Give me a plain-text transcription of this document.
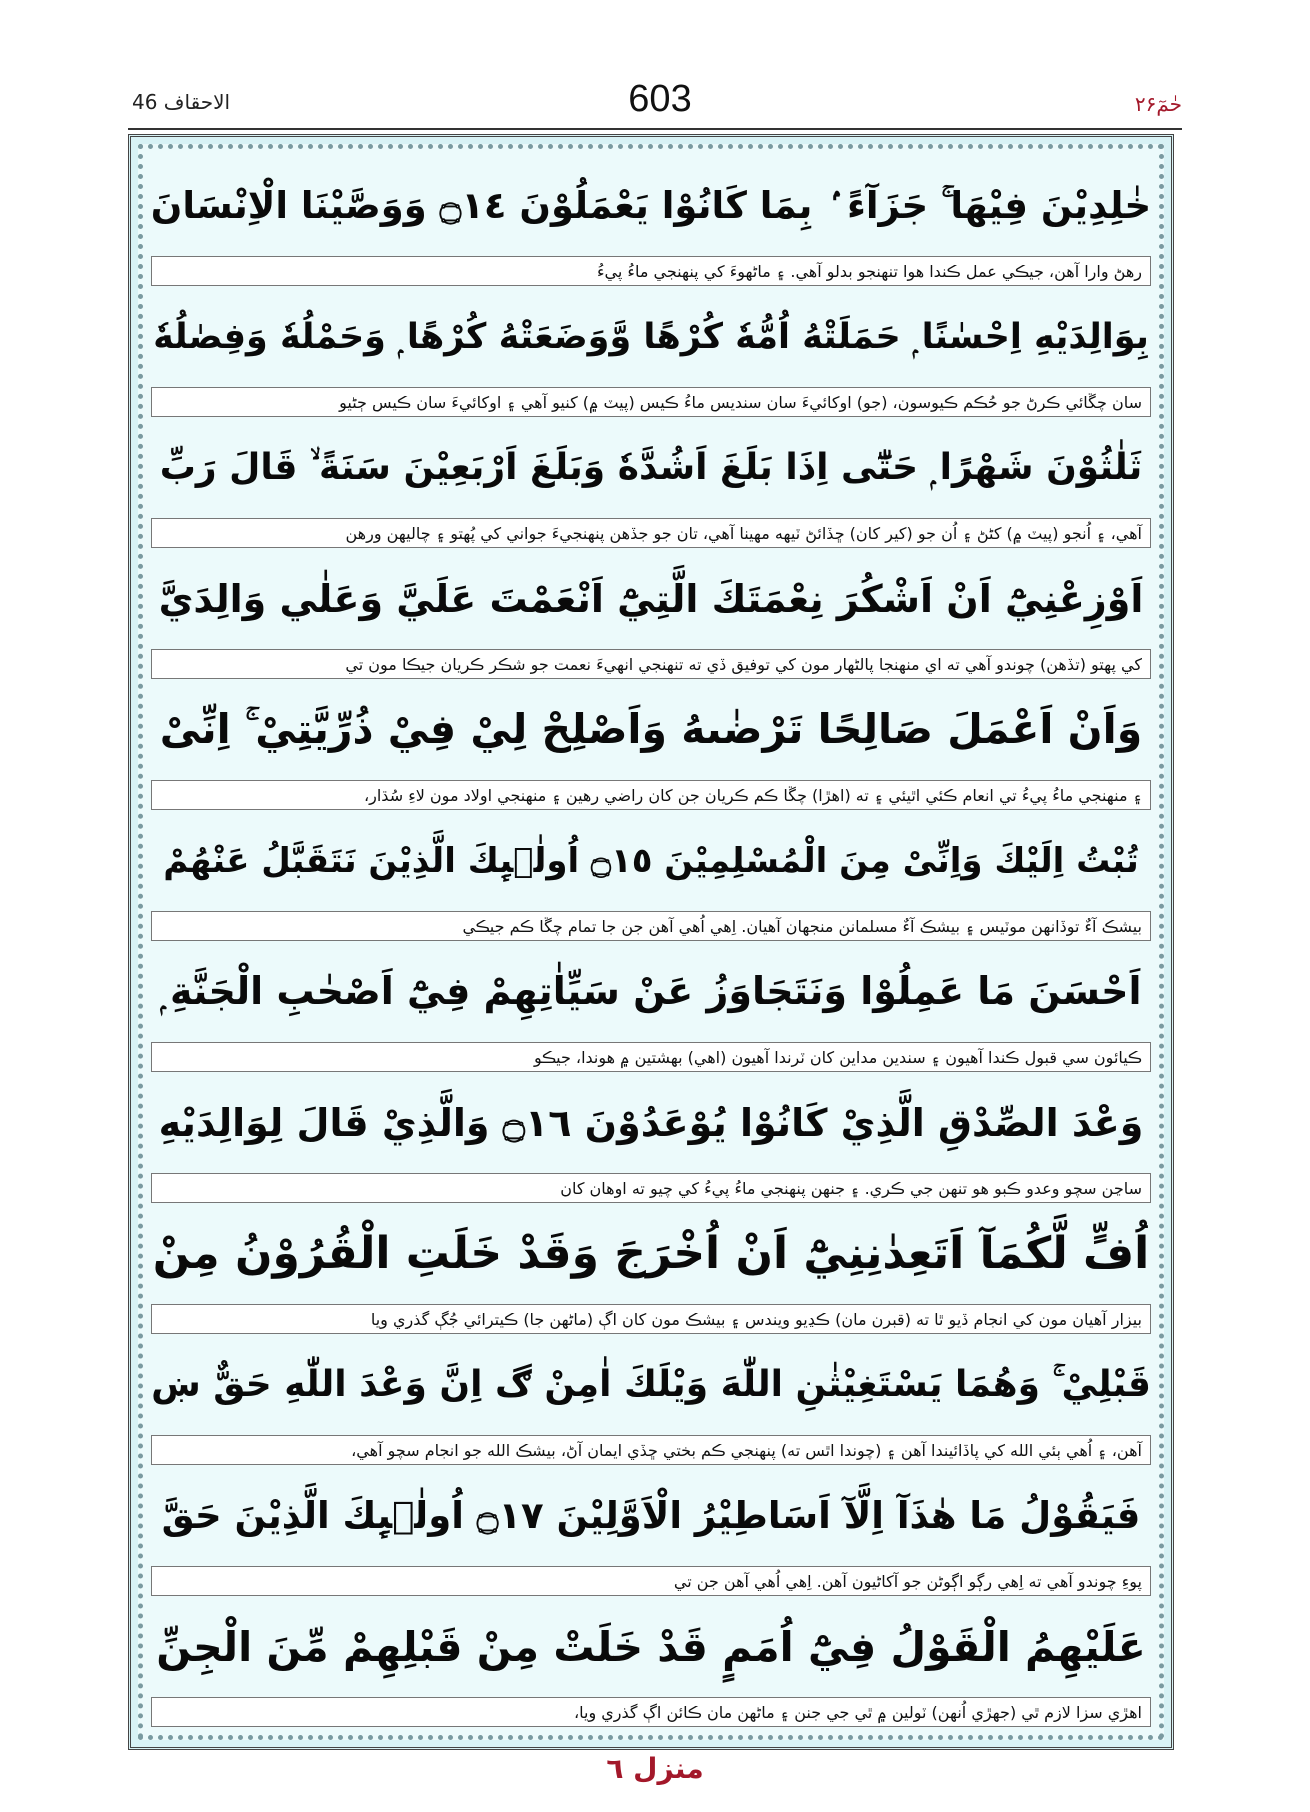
الاحقاف 46	603	حٰمٓ۲۶
خٰلِدِيْنَ فِيْهَا ۚ جَزَآءً ۢ بِمَا كَانُوْا يَعْمَلُوْنَ ۝١٤ وَوَصَّيْنَا الْاِنْسَانَ
رهڻ وارا آهن، جيڪي عمل ڪندا هوا تنهنجو بدلو آهي. ۽ ماڻهوءَ کي پنهنجي ماءُ پيءُ
بِوَالِدَيْهِ اِحْسٰنًا ۭ حَمَلَتْهُ اُمُّهٗ كُرْهًا وَّوَضَعَتْهُ كُرْهًا ۭ وَحَمْلُهٗ وَفِصٰلُهٗ
سان چڱائي ڪرڻ جو حُڪم ڪيوسون، (جو) اوکائيءَ سان سنديس ماءُ ڪيس (پيٽ ۾) کنيو آهي ۽ اوکائيءَ سان ڪيس ڄڻيو
ثَلٰثُوْنَ شَهْرًا ۭ حَتّٰٓى اِذَا بَلَغَ اَشُدَّهٗ وَبَلَغَ اَرْبَعِيْنَ سَنَةً ۙ قَالَ رَبِّ
آهي، ۽ اُنجو (پيٽ ۾) کڻڻ ۽ اُن جو (کير کان) ڇڏائڻ ٽيهه مهينا آهي، تان جو جڏهن پنهنجيءَ جواني کي پُهتو ۽ چاليهن ورهن
اَوْزِعْنِيْٓ اَنْ اَشْكُرَ نِعْمَتَكَ الَّتِيْٓ اَنْعَمْتَ عَلَيَّ وَعَلٰي وَالِدَيَّ
کي پهتو (تڏهن) چوندو آهي ته اي منهنجا پالڻهار مون کي توفيق ڏي ته تنهنجي انهيءَ نعمت جو شڪر ڪريان جيڪا مون تي
وَاَنْ اَعْمَلَ صَالِحًا تَرْضٰىهُ وَاَصْلِحْ لِيْ فِيْ ذُرِّيَّتِيْ ۚ اِنِّىْ
۽ منهنجي ماءُ پيءُ تي انعام ڪئي اٿيئي ۽ ته (اهڙا) چڱا ڪم ڪريان جن کان راضي رهين ۽ منهنجي اولاد مون لاءِ سُڌار،
تُبْتُ اِلَيْكَ وَاِنِّىْ مِنَ الْمُسْلِمِيْنَ ۝١٥ اُولٰۗىِٕكَ الَّذِيْنَ نَتَقَبَّلُ عَنْهُمْ
بيشڪ آءٌ توڏانهن موٽيس ۽ بيشڪ آءٌ مسلمانن منجهان آهيان. اِهي اُهي آهن جن جا تمام چڱا ڪم جيڪي
اَحْسَنَ مَا عَمِلُوْا وَنَتَجَاوَزُ عَنْ سَيِّاٰتِهِمْ فِيْٓ اَصْحٰبِ الْجَنَّةِ ۭ
ڪيائون سي قبول ڪندا آهيون ۽ سندين مداين کان ٽرندا آهيون (اهي) بهشتين ۾ هوندا، جيڪو
وَعْدَ الصِّدْقِ الَّذِيْ كَانُوْا يُوْعَدُوْنَ ۝١٦ وَالَّذِيْ قَالَ لِوَالِدَيْهِ
ساڃن سچو وعدو ڪبو هو تنهن جي ڪري. ۽ جنهن پنهنجي ماءُ پيءُ کي چيو ته اوهان کان
اُفٍّ لَّكُمَآ اَتَعِدٰنِنِيْٓ اَنْ اُخْرَجَ وَقَدْ خَلَتِ الْقُرُوْنُ مِنْ
بيزار آهيان مون کي انجام ڏيو ٿا ته (قبرن مان) ڪڍيو ويندس ۽ بيشڪ مون کان اڳ (ماڻهن جا) ڪيترائي جُڳ گذري ويا
قَبْلِيْ ۚ وَهُمَا يَسْتَغِيْثٰنِ اللّٰهَ وَيْلَكَ اٰمِنْ ڰ اِنَّ وَعْدَ اللّٰهِ حَقٌّ ښ
آهن، ۽ اُهي ٻئي الله کي پاڏائيندا آهن ۽ (چوندا اٿس ته) پنهنجي ڪم بختي ڇڏي ايمان آڻ، بيشڪ الله جو انجام سچو آهي،
فَيَقُوْلُ مَا هٰذَآ اِلَّآ اَسَاطِيْرُ الْاَوَّلِيْنَ ۝١٧ اُولٰۗىِٕكَ الَّذِيْنَ حَقَّ
پوءِ چوندو آهي ته اِهي رڳو اڳوڻن جو آکاڻيون آهن. اِهي اُهي آهن جن تي
عَلَيْهِمُ الْقَوْلُ فِيْٓ اُمَمٍ قَدْ خَلَتْ مِنْ قَبْلِهِمْ مِّنَ الْجِنِّ
اهڙي سزا لازم ٿي (جهڙي اُنهن) ٽولين ۾ ٿي جي جنن ۽ ماڻهن مان ڪائن اڳ گذري ويا،
منزل ٦
